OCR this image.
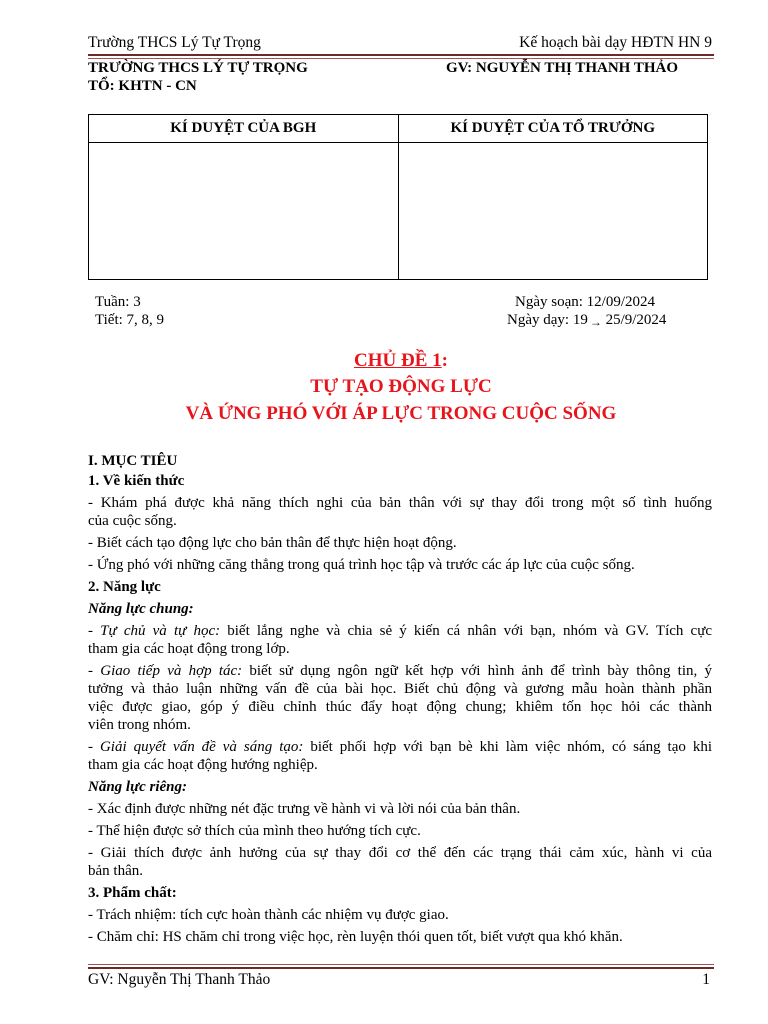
Trường THCS Lý Tự Trọng	Kế hoạch bài dạy HĐTN HN 9
TRƯỜNG THCS LÝ TỰ TRỌNG
TỔ: KHTN - CN
GV: NGUYỄN THỊ THANH THẢO
KÍ DUYỆT CỦA BGH	KÍ DUYỆT CỦA TỔ TRƯỞNG

Tuần: 3
Tiết: 7, 8, 9
Ngày soạn: 12/09/2024
Ngày dạy: 19 → 25/9/2024
CHỦ ĐỀ 1:
TỰ TẠO ĐỘNG LỰC
VÀ ỨNG PHÓ VỚI ÁP LỰC TRONG CUỘC SỐNG
I. MỤC TIÊU
1. Về kiến thức
- Khám phá được khả năng thích nghi của bản thân với sự thay đổi trong một số tình huống
của cuộc sống.
- Biết cách tạo động lực cho bản thân để thực hiện hoạt động.
- Ứng phó với những căng thẳng trong quá trình học tập và trước các áp lực của cuộc sống.
2. Năng lực
Năng lực chung:
- Tự chủ và tự học: biết lắng nghe và chia sẻ ý kiến cá nhân với bạn, nhóm và GV. Tích cực
tham gia các hoạt động trong lớp.
- Giao tiếp và hợp tác: biết sử dụng ngôn ngữ kết hợp với hình ảnh để trình bày thông tin, ý
tưởng và thảo luận những vấn đề của bài học. Biết chủ động và gương mẫu hoàn thành phần
việc được giao, góp ý điều chỉnh thúc đẩy hoạt động chung; khiêm tốn học hỏi các thành
viên trong nhóm.
- Giải quyết vấn đề và sáng tạo: biết phối hợp với bạn bè khi làm việc nhóm, có sáng tạo khi
tham gia các hoạt động hướng nghiệp.
Năng lực riêng:
- Xác định được những nét đặc trưng về hành vi và lời nói của bản thân.
- Thể hiện được sở thích của mình theo hướng tích cực.
- Giải thích được ảnh hưởng của sự thay đổi cơ thể đến các trạng thái cảm xúc, hành vi của
bản thân.
3. Phẩm chất:
- Trách nhiệm: tích cực hoàn thành các nhiệm vụ được giao.
- Chăm chỉ: HS chăm chỉ trong việc học, rèn luyện thói quen tốt, biết vượt qua khó khăn.
GV: Nguyễn Thị Thanh Thảo	1
